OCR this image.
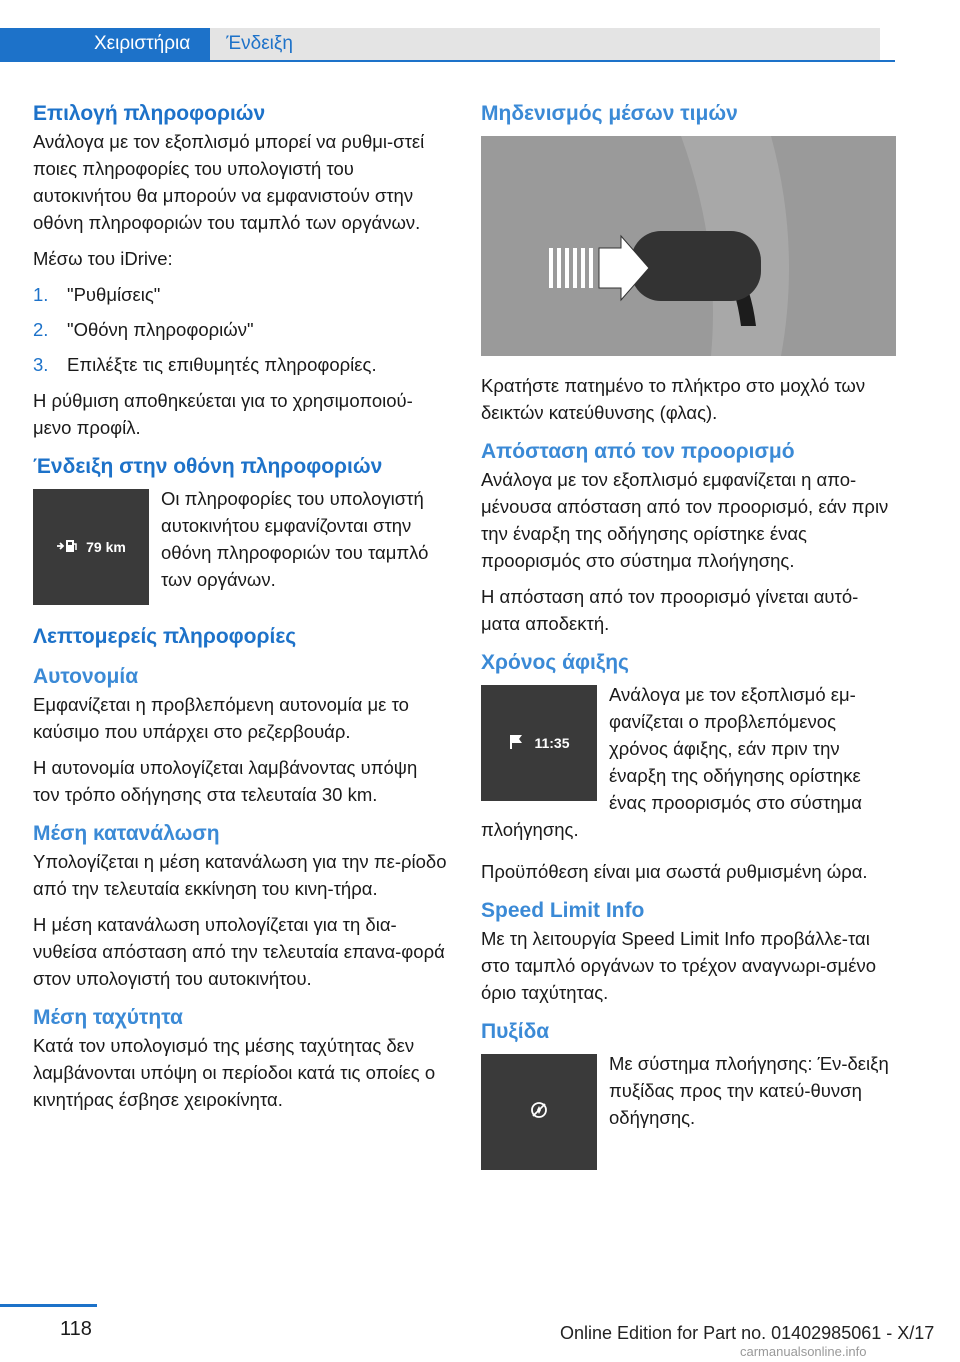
Χειριστήρια	Ένδειξη
Επιλογή πληροφοριών

Ανάλογα με τον εξοπλισμό μπορεί να ρυθμι-στεί ποιες πληροφορίες του υπολογιστή του αυτοκινήτου θα μπορούν να εμφανιστούν στην οθόνη πληροφοριών του ταμπλό των οργάνων.

Μέσω του iDrive:

1.	"Ρυθμίσεις"
2.	"Οθόνη πληροφοριών"
3.	Επιλέξτε τις επιθυμητές πληροφορίες.

Η ρύθμιση αποθηκεύεται για το χρησιμοποιού-μενο προφίλ.

Ένδειξη στην οθόνη πληροφοριών
79 km

Οι πληροφορίες του υπολογιστή αυτοκινήτου εμφανίζονται στην οθόνη πληροφοριών του ταμπλό των οργάνων.

Λεπτομερείς πληροφορίες
Αυτονομία

Εμφανίζεται η προβλεπόμενη αυτονομία με το καύσιμο που υπάρχει στο ρεζερβουάρ.

Η αυτονομία υπολογίζεται λαμβάνοντας υπόψη τον τρόπο οδήγησης στα τελευταία 30 km.

Μέση κατανάλωση

Υπολογίζεται η μέση κατανάλωση για την πε-ρίοδο από την τελευταία εκκίνηση του κινη-τήρα.

Η μέση κατανάλωση υπολογίζεται για τη δια-νυθείσα απόσταση από την τελευταία επανα-φορά στον υπολογιστή του αυτοκινήτου.

Μέση ταχύτητα

Κατά τον υπολογισμό της μέσης ταχύτητας δεν λαμβάνονται υπόψη οι περίοδοι κατά τις οποίες ο κινητήρας έσβησε χειροκίνητα.

Μηδενισμός μέσων τιμών

Κρατήστε πατημένο το πλήκτρο στο μοχλό των δεικτών κατεύθυνσης (φλας).

Απόσταση από τον προορισμό

Ανάλογα με τον εξοπλισμό εμφανίζεται η απο-μένουσα απόσταση από τον προορισμό, εάν πριν την έναρξη της οδήγησης ορίστηκε ένας προορισμός στο σύστημα πλοήγησης.

Η απόσταση από τον προορισμό γίνεται αυτό-ματα αποδεκτή.

Χρόνος άφιξης
11:35

Ανάλογα με τον εξοπλισμό εμ-φανίζεται ο προβλεπόμενος χρόνος άφιξης, εάν πριν την έναρξη της οδήγησης ορίστηκε ένας προορισμός στο σύστημα πλοήγησης.

Προϋπόθεση είναι μια σωστά ρυθμισμένη ώρα.

Speed Limit Info

Με τη λειτουργία Speed Limit Info προβάλλε-ται στο ταμπλό οργάνων το τρέχον αναγνωρι-σμένο όριο ταχύτητας.

Πυξίδα

Με σύστημα πλοήγησης: Έν-δειξη πυξίδας προς την κατεύ-θυνση οδήγησης.

118	Online Edition for Part no. 01402985061 - X/17
carmanualsonline.info
